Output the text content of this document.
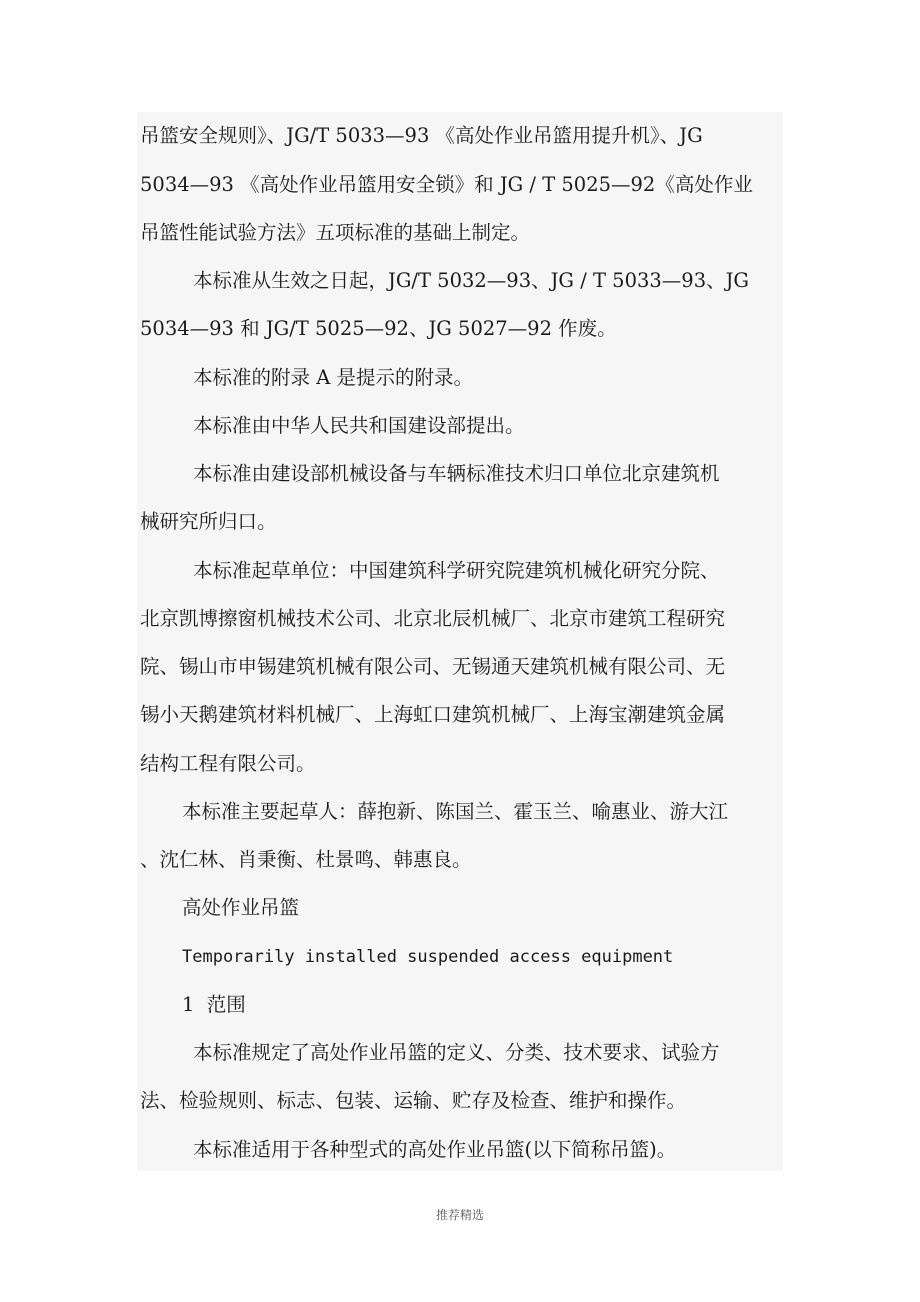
吊篮安全规则》、JG/T 5033—93 《高处作业吊篮用提升机》、JG
5034—93 《高处作业吊篮用安全锁》和 JG / T 5025—92《高处作业
吊篮性能试验方法》五项标准的基础上制定。
本标准从生效之日起，JG/T 5032—93、JG / T 5033—93、JG
5034—93 和 JG/T 5025—92、JG 5027—92 作废。
本标准的附录 A 是提示的附录。
本标准由中华人民共和国建设部提出。
本标准由建设部机械设备与车辆标准技术归口单位北京建筑机
械研究所归口。
本标准起草单位：中国建筑科学研究院建筑机械化研究分院、
北京凯博擦窗机械技术公司、北京北辰机械厂、北京市建筑工程研究
院、锡山市申锡建筑机械有限公司、无锡通天建筑机械有限公司、无
锡小天鹅建筑材料机械厂、上海虹口建筑机械厂、上海宝潮建筑金属
结构工程有限公司。
本标准主要起草人：薛抱新、陈国兰、霍玉兰、喻惠业、游大江
、沈仁林、肖秉衡、杜景鸣、韩惠良。
高处作业吊篮
Temporarily installed suspended access equipment
1  范围
本标准规定了高处作业吊篮的定义、分类、技术要求、试验方
法、检验规则、标志、包装、运输、贮存及检查、维护和操作。
本标准适用于各种型式的高处作业吊篮(以下简称吊篮)。
推荐精选
